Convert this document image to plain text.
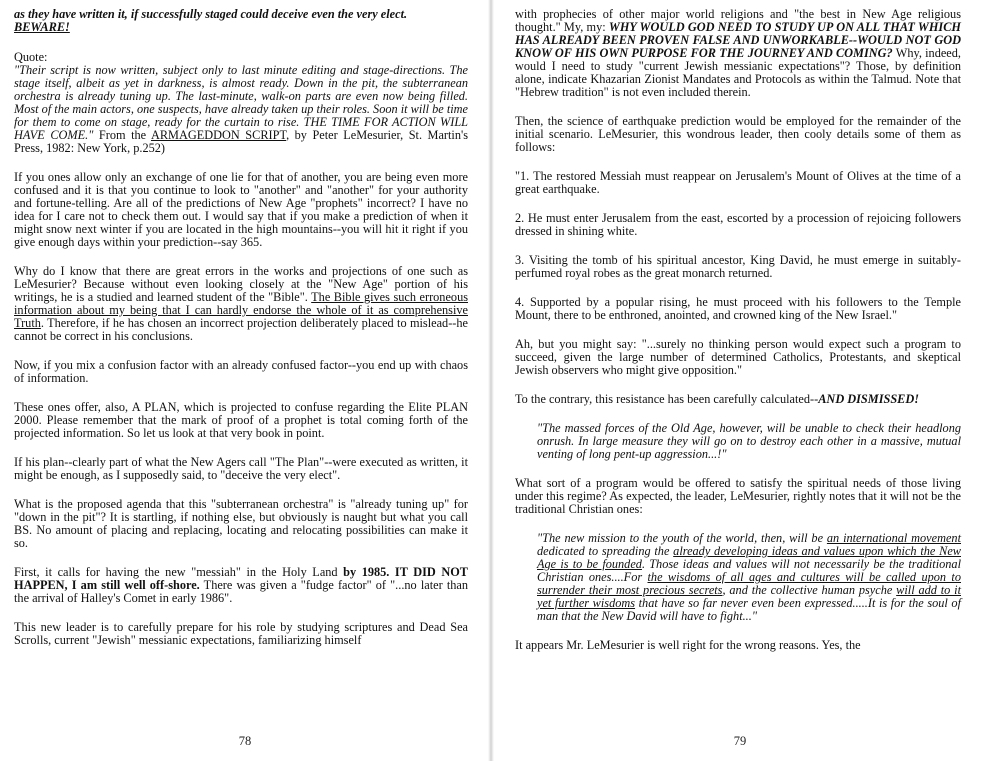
as they have written it, if successfully staged could deceive even the very elect.

BEWARE!

Quote:

"Their script is now written, subject only to last minute editing and stage-directions. The stage itself, albeit as yet in darkness, is almost ready. Down in the pit, the subterranean orchestra is already tuning up. The last-minute, walk-on parts are even now being filled. Most of the main actors, one suspects, have already taken up their roles. Soon it will be time for them to come on stage, ready for the curtain to rise. THE TIME FOR ACTION WILL HAVE COME." From the ARMAGEDDON SCRIPT, by Peter LeMesurier, St. Martin's Press, 1982: New York, p.252)

If you ones allow only an exchange of one lie for that of another, you are being even more confused and it is that you continue to look to "another" and "another" for your authority and fortune-telling. Are all of the predictions of New Age "prophets" incorrect? I have no idea for I care not to check them out. I would say that if you make a prediction of when it might snow next winter if you are located in the high mountains--you will hit it right if you give enough days within your prediction--say 365.

Why do I know that there are great errors in the works and projections of one such as LeMesurier? Because without even looking closely at the "New Age" portion of his writings, he is a studied and learned student of the "Bible". The Bible gives such erroneous information about my being that I can hardly endorse the whole of it as comprehensive Truth. Therefore, if he has chosen an incorrect projection deliberately placed to mislead--he cannot be correct in his conclusions.

Now, if you mix a confusion factor with an already confused factor--you end up with chaos of information.

These ones offer, also, A PLAN, which is projected to confuse regarding the Elite PLAN 2000. Please remember that the mark of proof of a prophet is total coming forth of the projected information. So let us look at that very book in point.

If his plan--clearly part of what the New Agers call "The Plan"--were executed as written, it might be enough, as I supposedly said, to "deceive the very elect".

What is the proposed agenda that this "subterranean orchestra" is "already tuning up" for "down in the pit"? It is startling, if nothing else, but obviously is naught but what you call BS. No amount of placing and replacing, locating and relocating possibilities can make it so.

First, it calls for having the new "messiah" in the Holy Land by 1985. IT DID NOT HAPPEN, I am still well off-shore. There was given a "fudge factor" of "...no later than the arrival of Halley's Comet in early 1986".

This new leader is to carefully prepare for his role by studying scriptures and Dead Sea Scrolls, current "Jewish" messianic expectations, familiarizing himself

78

with prophecies of other major world religions and "the best in New Age religious thought." My, my: WHY WOULD GOD NEED TO STUDY UP ON ALL THAT WHICH HAS ALREADY BEEN PROVEN FALSE AND UNWORKABLE--WOULD NOT GOD KNOW OF HIS OWN PURPOSE FOR THE JOURNEY AND COMING? Why, indeed, would I need to study "current Jewish messianic expectations"? Those, by definition alone, indicate Khazarian Zionist Mandates and Protocols as within the Talmud. Note that "Hebrew tradition" is not even included therein.

Then, the science of earthquake prediction would be employed for the remainder of the initial scenario. LeMesurier, this wondrous leader, then cooly details some of them as follows:

"1. The restored Messiah must reappear on Jerusalem's Mount of Olives at the time of a great earthquake.

2. He must enter Jerusalem from the east, escorted by a procession of rejoicing followers dressed in shining white.

3. Visiting the tomb of his spiritual ancestor, King David, he must emerge in suitably-perfumed royal robes as the great monarch returned.

4. Supported by a popular rising, he must proceed with his followers to the Temple Mount, there to be enthroned, anointed, and crowned king of the New Israel."

Ah, but you might say: "...surely no thinking person would expect such a program to succeed, given the large number of determined Catholics, Protestants, and skeptical Jewish observers who might give opposition."

To the contrary, this resistance has been carefully calculated--AND DISMISSED!

"The massed forces of the Old Age, however, will be unable to check their headlong onrush. In large measure they will go on to destroy each other in a massive, mutual venting of long pent-up aggression...!"

What sort of a program would be offered to satisfy the spiritual needs of those living under this regime? As expected, the leader, LeMesurier, rightly notes that it will not be the traditional Christian ones:

"The new mission to the youth of the world, then, will be an international movement dedicated to spreading the already developing ideas and values upon which the New Age is to be founded. Those ideas and values will not necessarily be the traditional Christian ones....For the wisdoms of all ages and cultures will be called upon to surrender their most precious secrets, and the collective human psyche will add to it yet further wisdoms that have so far never even been expressed.....It is for the soul of man that the New David will have to fight..."

It appears Mr. LeMesurier is well right for the wrong reasons. Yes, the

79
